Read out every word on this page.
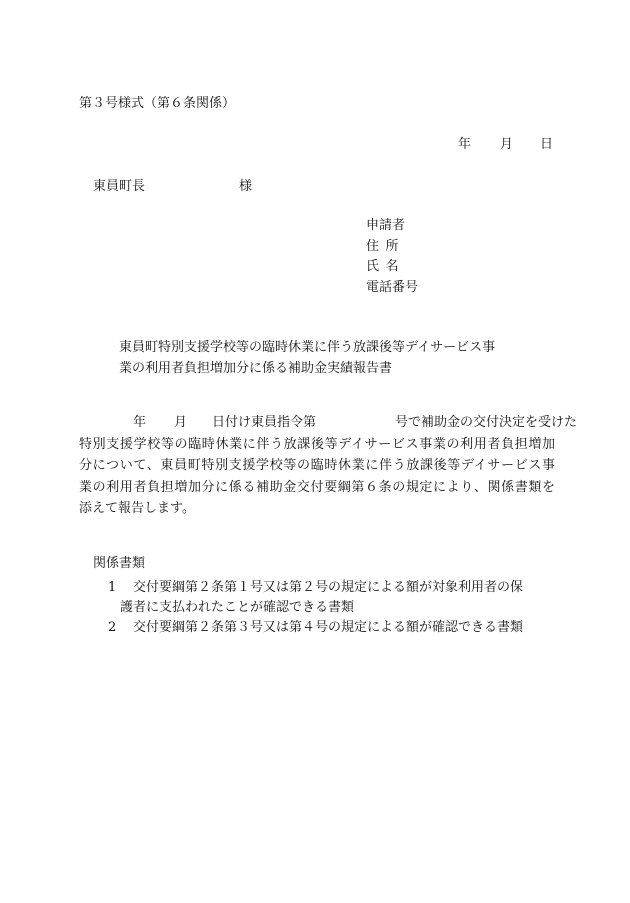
第３号様式（第６条関係）
年 月 日
東員町長	様
申請者
住所
氏名
電話番号
東員町特別支援学校等の臨時休業に伴う放課後等デイサービス事
業の利用者負担増加分に係る補助金実績報告書
年 月 日付け東員指令第	号で補助金の交付決定を受けた
特別支援学校等の臨時休業に伴う放課後等デイサービス事業の利用者負担増加
分について、東員町特別支援学校等の臨時休業に伴う放課後等デイサービス事
業の利用者負担増加分に係る補助金交付要綱第６条の規定により、関係書類を
添えて報告します。
関係書類
1 交付要綱第２条第１号又は第２号の規定による額が対象利用者の保
護者に支払われたことが確認できる書類
2 交付要綱第２条第３号又は第４号の規定による額が確認できる書類
